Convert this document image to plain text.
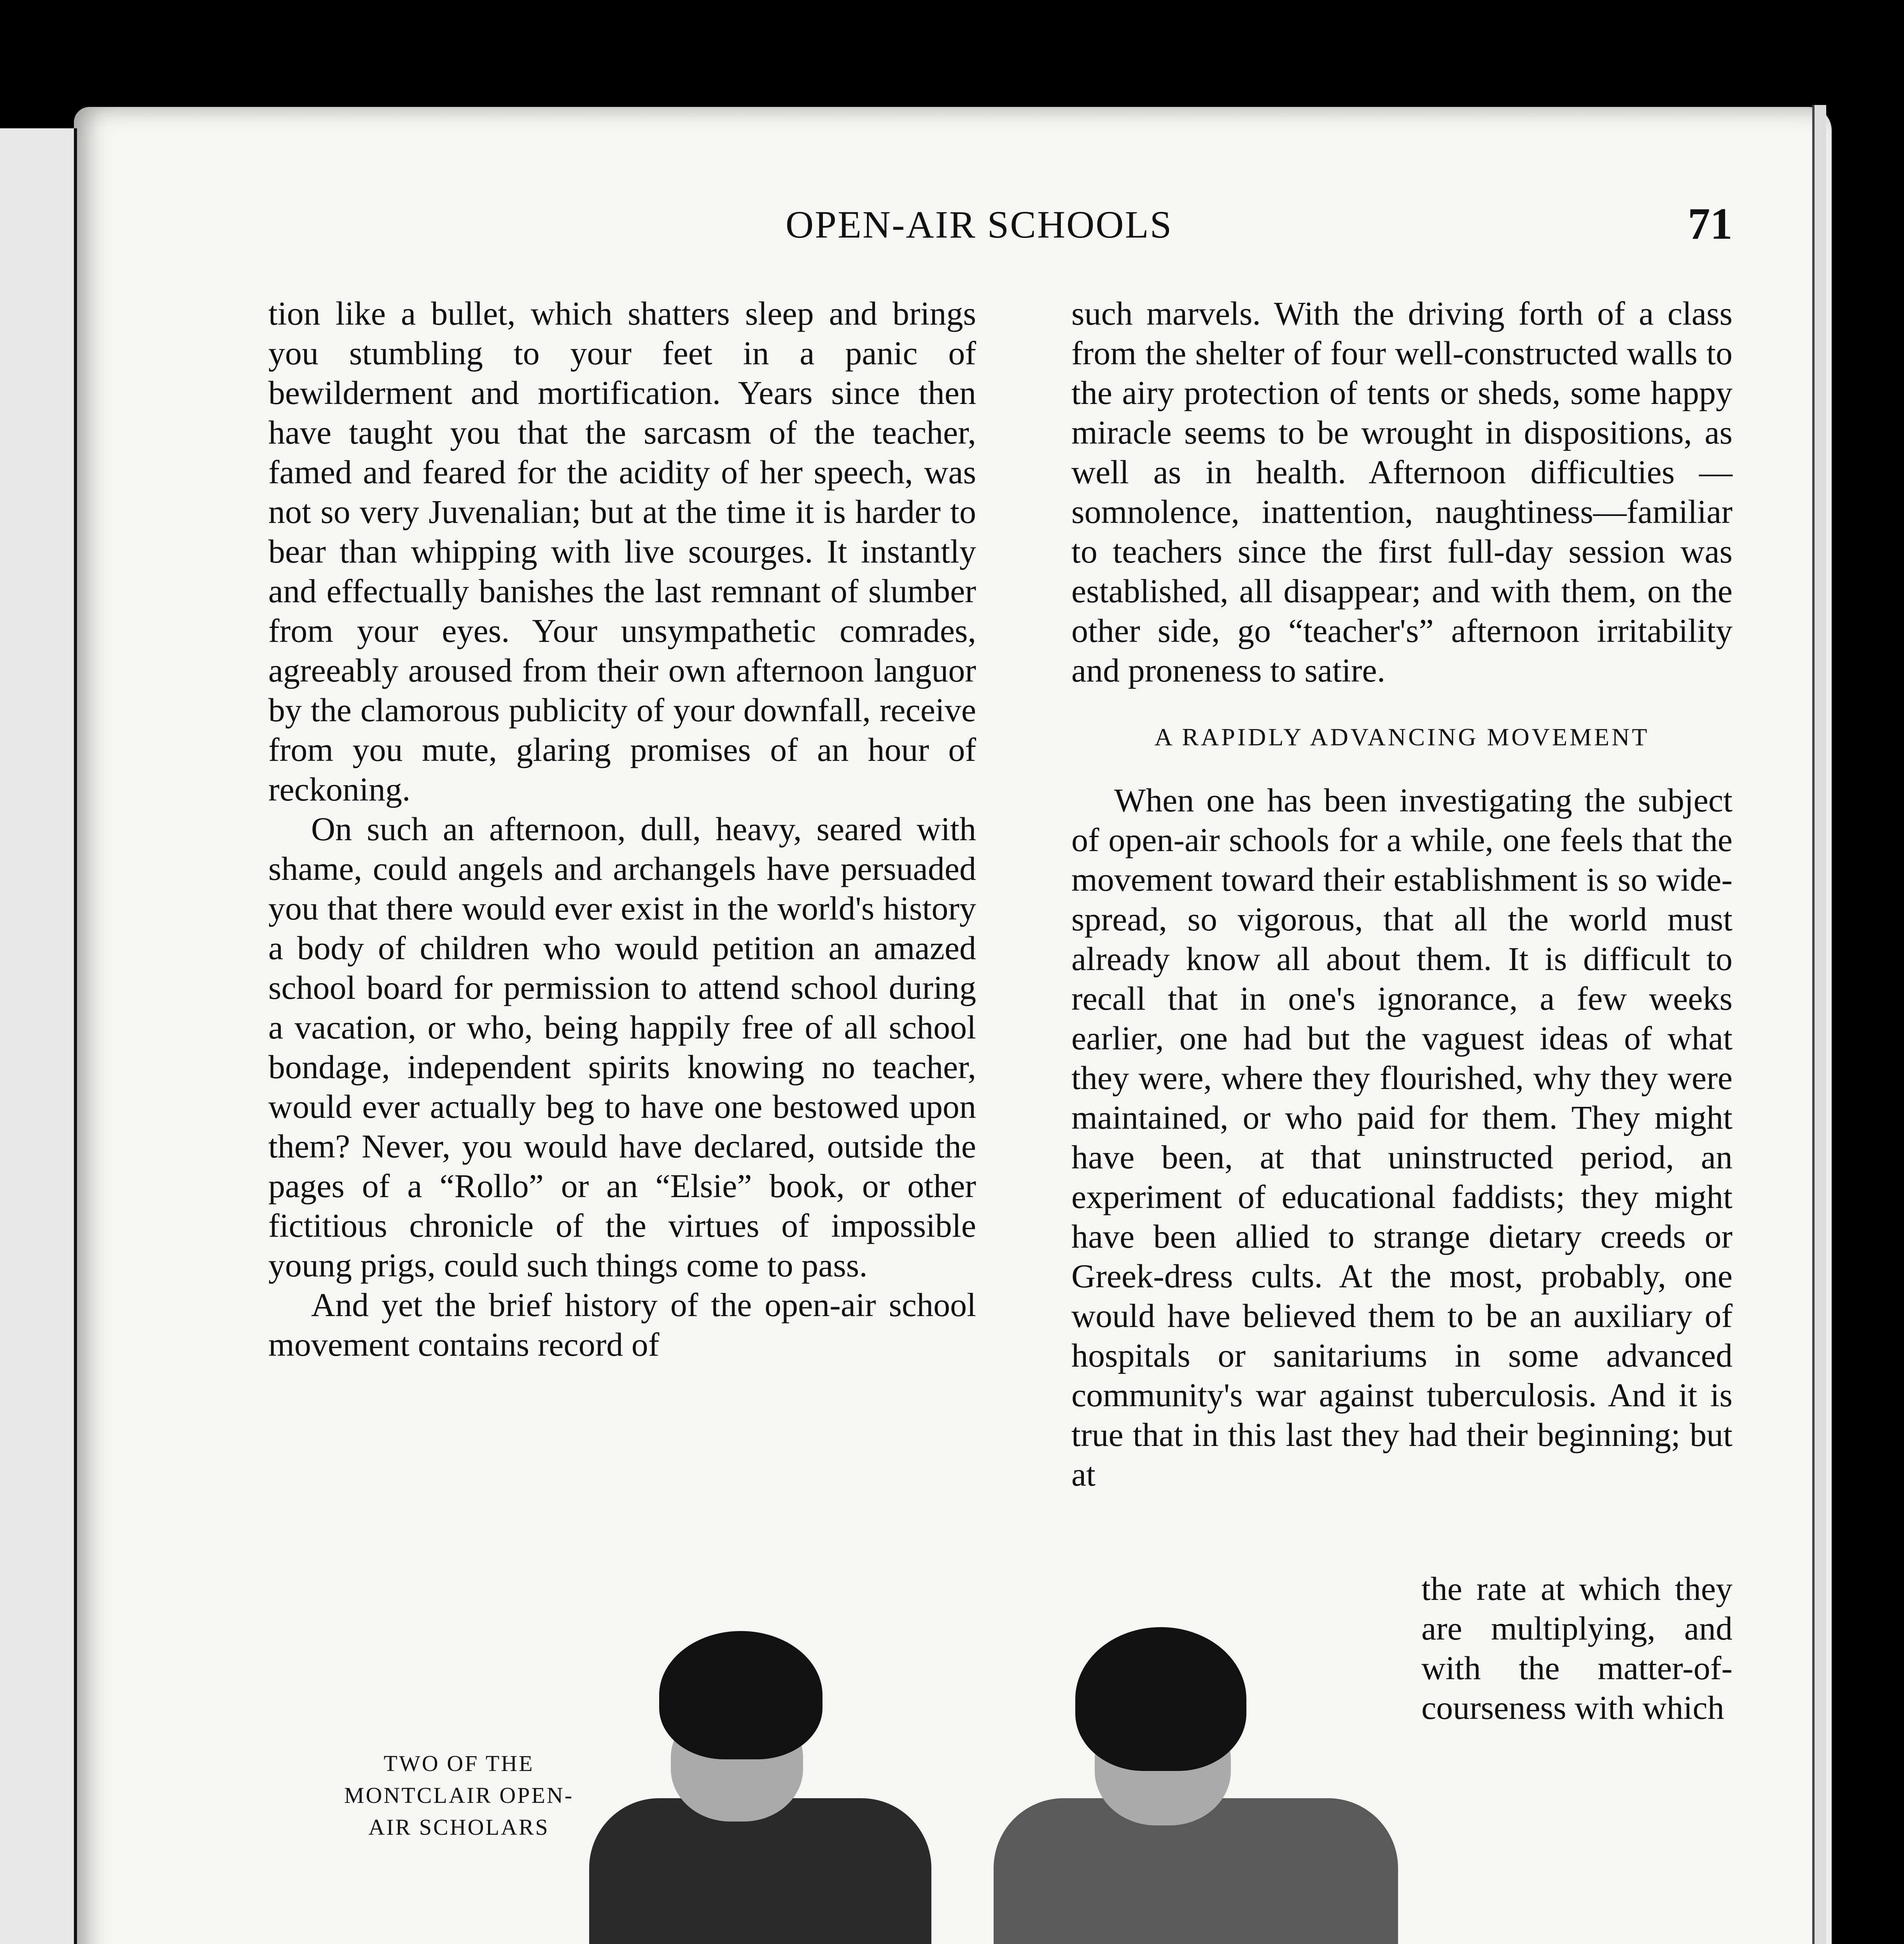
OPEN-AIR SCHOOLS	71

tion like a bullet, which shatters sleep and brings you stumbling to your feet in a panic of bewilderment and mortification. Years since then have taught you that the sarcasm of the teacher, famed and feared for the acidity of her speech, was not so very Juvenalian; but at the time it is harder to bear than whipping with live scourges. It instantly and effectually banishes the last remnant of slumber from your eyes. Your unsympathetic comrades, agreeably aroused from their own afternoon languor by the clamorous publicity of your downfall, receive from you mute, glaring promises of an hour of reckoning.

On such an afternoon, dull, heavy, seared with shame, could angels and archangels have persuaded you that there would ever exist in the world's history a body of children who would petition an amazed school board for permission to attend school during a vacation, or who, being happily free of all school bondage, independent spirits knowing no teacher, would ever actually beg to have one bestowed upon them? Never, you would have declared, outside the pages of a “Rollo” or an “Elsie” book, or other fictitious chronicle of the virtues of impossible young prigs, could such things come to pass.

And yet the brief history of the open-air school movement contains record of

such marvels. With the driving forth of a class from the shelter of four well-constructed walls to the airy protection of tents or sheds, some happy miracle seems to be wrought in dispositions, as well as in health. Afternoon difficulties — somnolence, inattention, naughtiness—familiar to teachers since the first full-day session was established, all disappear; and with them, on the other side, go “teacher's” afternoon irritability and proneness to satire.

A RAPIDLY ADVANCING MOVEMENT

When one has been investigating the subject of open-air schools for a while, one feels that the movement toward their establishment is so wide-spread, so vigorous, that all the world must already know all about them. It is difficult to recall that in one's ignorance, a few weeks earlier, one had but the vaguest ideas of what they were, where they flourished, why they were maintained, or who paid for them. They might have been, at that uninstructed period, an experiment of educational faddists; they might have been allied to strange dietary creeds or Greek-dress cults. At the most, probably, one would have believed them to be an auxiliary of hospitals or sanitariums in some advanced community's war against tuberculosis. And it is true that in this last they had their beginning; but at

the rate at which they are multiplying, and with the matter-of-courseness with which
TWO OF THE MONTCLAIR OPEN-AIR SCHOLARS
